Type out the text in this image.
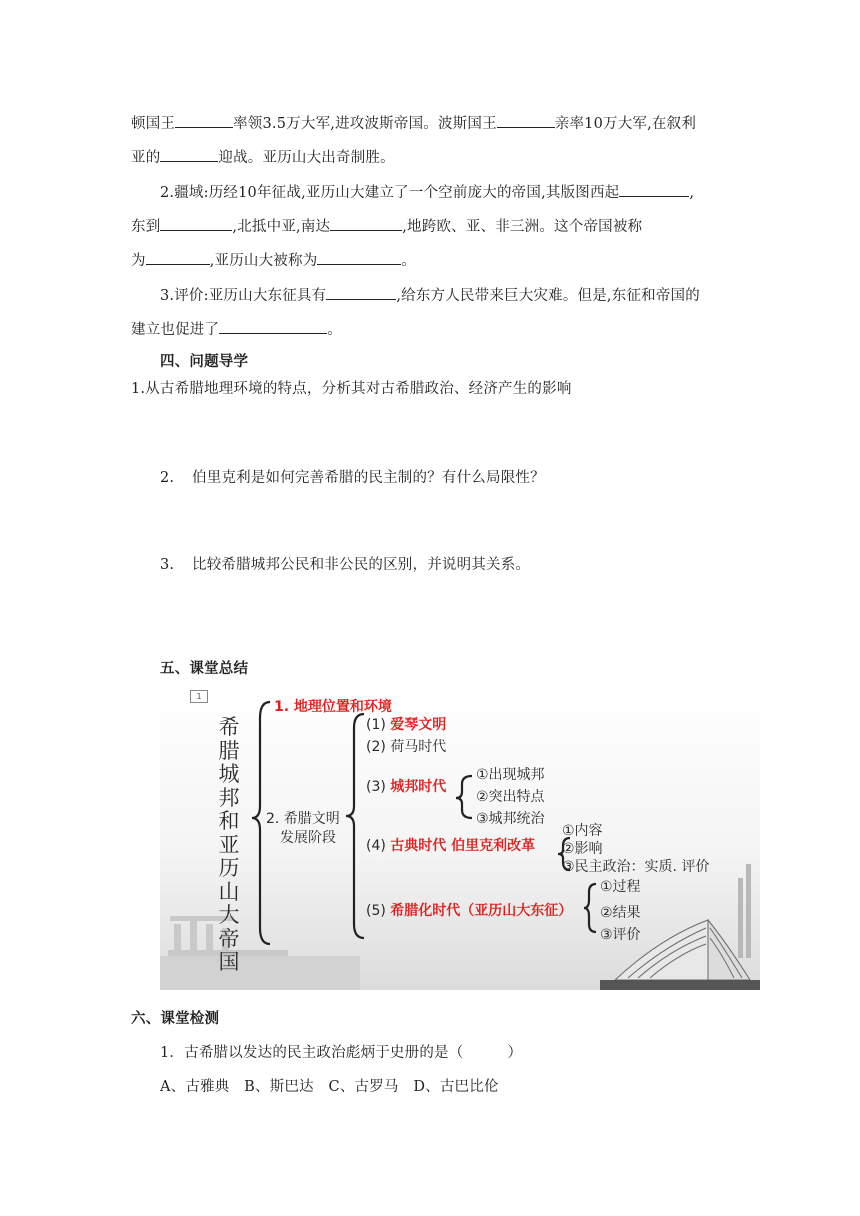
顿国王	率领3.5万大军,进攻波斯帝国。波斯国王	亲率10万大军,在叙利
亚的	迎战。亚历山大出奇制胜。
2.疆域:历经10年征战,亚历山大建立了一个空前庞大的帝国,其版图西起	,
东到	,北抵中亚,南达	,地跨欧、亚、非三洲。这个帝国被称
为	,亚历山大被称为	。
3.评价:亚历山大东征具有	,给东方人民带来巨大灾难。但是,东征和帝国的
建立也促进了	。
四、问题导学
1.从古希腊地理环境的特点，分析其对古希腊政治、经济产生的影响
2. 伯里克利是如何完善希腊的民主制的？有什么局限性？
3. 比较希腊城邦公民和非公民的区别，并说明其关系。
五、课堂总结
1
希腊城邦和亚历山大帝国
1. 地理位置和环境
2. 希腊文明
发展阶段
(1) 爱琴文明
(2) 荷马时代
(3) 城邦时代
(4) 古典时代 伯里克利改革
(5) 希腊化时代（亚历山大东征）
①出现城邦
②突出特点
③城邦统治
①内容
②影响
③民主政治：实质. 评价
①过程
②结果
③评价
六、课堂检测
1．古希腊以发达的民主政治彪炳于史册的是（　　　）
A、古雅典　B、斯巴达　C、古罗马　D、古巴比伦
